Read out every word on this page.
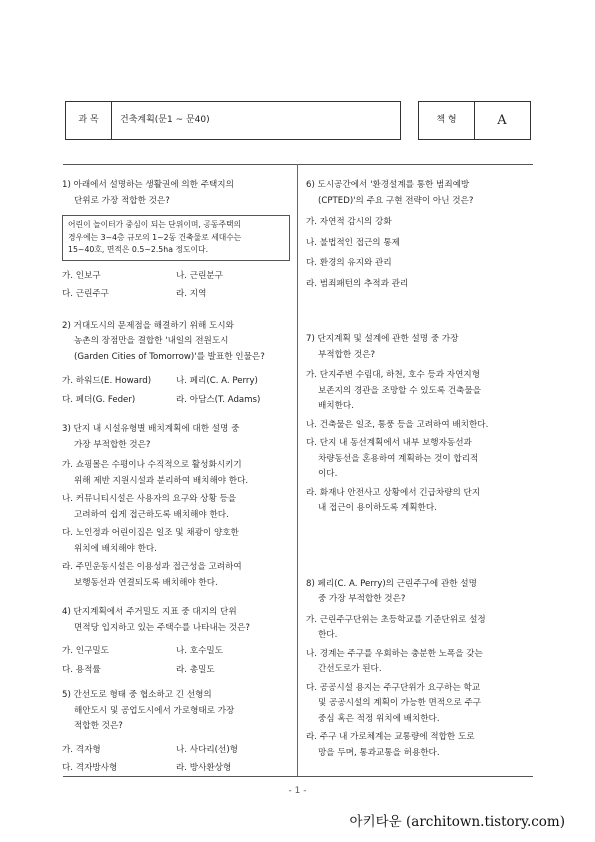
과 목	건축계획(문1 ~ 문40)	책 형	A
1) 아래에서 설명하는 생활권에 의한 주택지의
단위로 가장 적합한 것은?
어린이 놀이터가 중심이 되는 단위이며, 공동주택의
경우에는 3~4층 규모의 1~2동 건축물로 세대수는
15~40호, 면적은 0.5~2.5ha 정도이다.
가. 인보구	나. 근린분구
다. 근린주구	라. 지역
2) 거대도시의 문제점을 해결하기 위해 도시와
농촌의 장점만을 결합한 '내일의 전원도시
(Garden Cities of Tomorrow)'를 발표한 인물은?
가. 하워드(E. Howard)	나. 페리(C. A. Perry)
다. 페더(G. Feder)	라. 아담스(T. Adams)
3) 단지 내 시설유형별 배치계획에 대한 설명 중
가장 부적합한 것은?
가. 쇼핑몰은 수평이나 수직적으로 활성화시키기
위해 제반 지원시설과 분리하여 배치해야 한다.
나. 커뮤니티시설은 사용자의 요구와 상황 등을
고려하여 쉽게 접근하도록 배치해야 한다.
다. 노인정과 어린이집은 일조 및 채광이 양호한
위치에 배치해야 한다.
라. 주민운동시설은 이용성과 접근성을 고려하여
보행동선과 연결되도록 배치해야 한다.
4) 단지계획에서 주거밀도 지표 중 대지의 단위
면적당 입지하고 있는 주택수를 나타내는 것은?
가. 인구밀도	나. 호수밀도
다. 용적률	라. 총밀도
5) 간선도로 형태 중 협소하고 긴 선형의
해안도시 및 공업도시에서 가로형태로 가장
적합한 것은?
가. 격자형	나. 사다리(선)형
다. 격자방사형	라. 방사환상형
6) 도시공간에서 '환경설계를 통한 범죄예방
(CPTED)'의 주요 구현 전략이 아닌 것은?
가. 자연적 감시의 강화
나. 불법적인 접근의 통제
다. 환경의 유지와 관리
라. 범죄패턴의 추적과 관리
7) 단지계획 및 설계에 관한 설명 중 가장
부적합한 것은?
가. 단지주변 수림대, 하천, 호수 등과 자연지형
보존지의 경관을 조망할 수 있도록 건축물을
배치한다.
나. 건축물은 일조, 통풍 등을 고려하여 배치한다.
다. 단지 내 동선계획에서 내부 보행자동선과
차량동선을 혼용하여 계획하는 것이 합리적
이다.
라. 화재나 안전사고 상황에서 긴급차량의 단지
내 접근이 용이하도록 계획한다.
8) 페리(C. A. Perry)의 근린주구에 관한 설명
중 가장 부적합한 것은?
가. 근린주구단위는 초등학교를 기준단위로 설정
한다.
나. 경계는 주구를 우회하는 충분한 노폭을 갖는
간선도로가 된다.
다. 공공시설 용지는 주구단위가 요구하는 학교
및 공공시설의 계획이 가능한 면적으로 주구
중심 혹은 적정 위치에 배치한다.
라. 주구 내 가로체계는 교통량에 적합한 도로
망을 두며, 통과교통을 허용한다.
- 1 -
아키타운 (architown.tistory.com)
